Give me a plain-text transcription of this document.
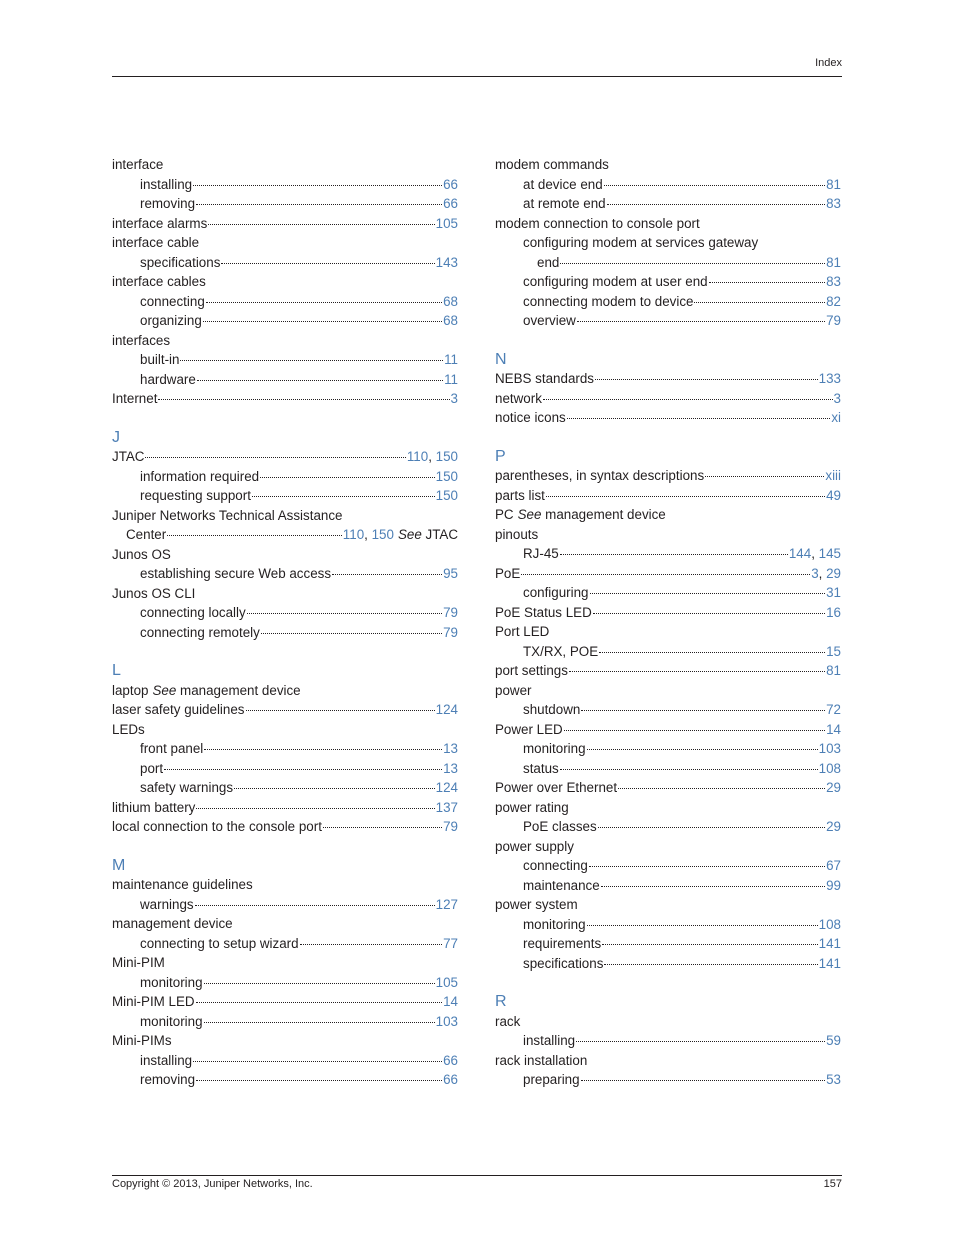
Index
interface
installing	66
removing	66
interface alarms	105
interface cable
specifications	143
interface cables
connecting	68
organizing	68
interfaces
built-in	11
hardware	11
Internet	3
J
JTAC	110, 150
information required	150
requesting support	150
Juniper Networks Technical Assistance
Center	110, 150 See JTAC
Junos OS
establishing secure Web access	95
Junos OS CLI
connecting locally	79
connecting remotely	79
L
laptop See management device
laser safety guidelines	124
LEDs
front panel	13
port	13
safety warnings	124
lithium battery	137
local connection to the console port	79
M
maintenance guidelines
warnings	127
management device
connecting to setup wizard	77
Mini-PIM
monitoring	105
Mini-PIM LED	14
monitoring	103
Mini-PIMs
installing	66
removing	66
modem commands
at device end	81
at remote end	83
modem connection to console port
configuring modem at services gateway
end	81
configuring modem at user end	83
connecting modem to device	82
overview	79
N
NEBS standards	133
network	3
notice icons	xi
P
parentheses, in syntax descriptions	xiii
parts list	49
PC See management device
pinouts
RJ-45	144, 145
PoE	3, 29
configuring	31
PoE Status LED	16
Port LED
TX/RX, POE	15
port settings	81
power
shutdown	72
Power LED	14
monitoring	103
status	108
Power over Ethernet	29
power rating
PoE classes	29
power supply
connecting	67
maintenance	99
power system
monitoring	108
requirements	141
specifications	141
R
rack
installing	59
rack installation
preparing	53
Copyright © 2013, Juniper Networks, Inc.	157
